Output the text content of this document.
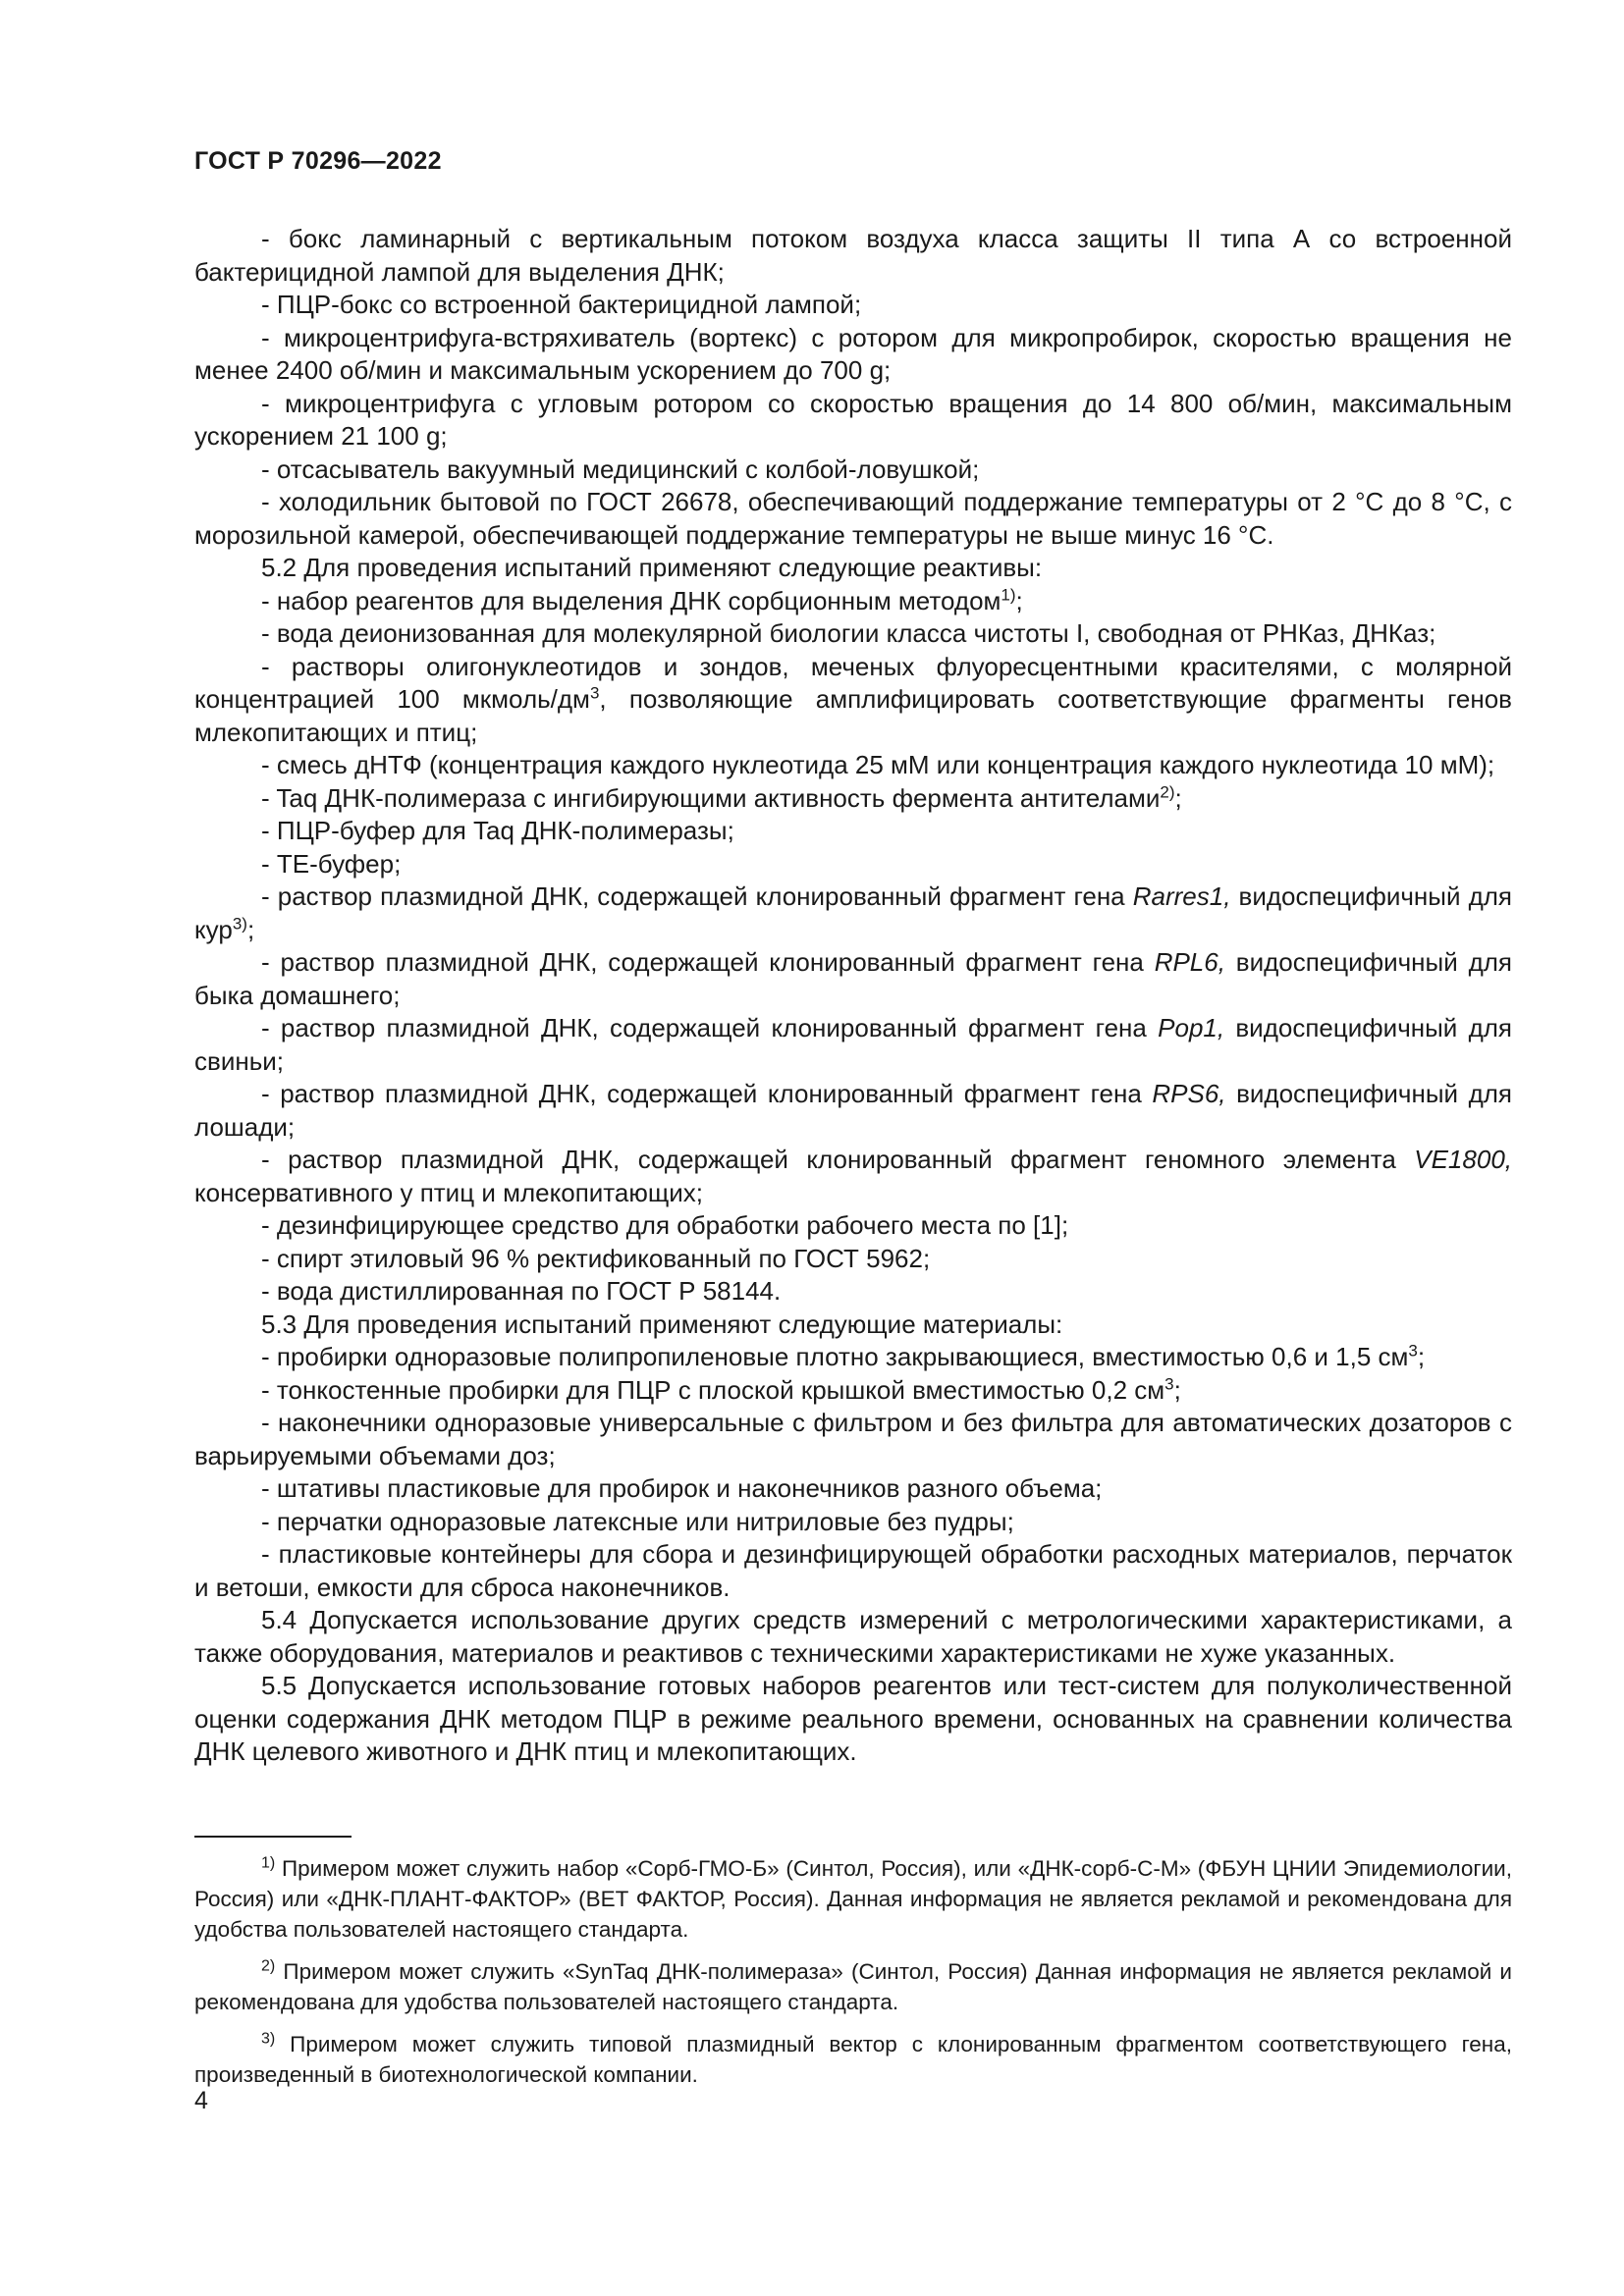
ГОСТ Р 70296—2022

- бокс ламинарный с вертикальным потоком воздуха класса защиты II типа А со встроенной бактерицидной лампой для выделения ДНК;

- ПЦР-бокс со встроенной бактерицидной лампой;

- микроцентрифуга-встряхиватель (вортекс) с ротором для микропробирок, скоростью вращения не менее 2400 об/мин и максимальным ускорением до 700 g;

- микроцентрифуга с угловым ротором со скоростью вращения до 14 800 об/мин, максимальным ускорением 21 100 g;

- отсасыватель вакуумный медицинский с колбой-ловушкой;

- холодильник бытовой по ГОСТ 26678, обеспечивающий поддержание температуры от 2 °С до 8 °С, с морозильной камерой, обеспечивающей поддержание температуры не выше минус 16 °С.

5.2 Для проведения испытаний применяют следующие реактивы:

- набор реагентов для выделения ДНК сорбционным методом$^{1)}$;

- вода деионизованная для молекулярной биологии класса чистоты I, свободная от РНКаз, ДНКаз;

- растворы олигонуклеотидов и зондов, меченых флуоресцентными красителями, с молярной концентрацией 100 мкмоль/$дм^3$, позволяющие амплифицировать соответствующие фрагменты генов млекопитающих и птиц;

- смесь дНТФ (концентрация каждого нуклеотида 25 мМ или концентрация каждого нуклеотида 10 мМ);

- Taq ДНК-полимераза с ингибирующими активность фермента антителами$^{2)}$;

- ПЦР-буфер для Taq ДНК-полимеразы;

- ТЕ-буфер;

- раствор плазмидной ДНК, содержащей клонированный фрагмент гена Rarres1, видоспецифичный для кур$^{3)}$;

- раствор плазмидной ДНК, содержащей клонированный фрагмент гена RPL6, видоспецифичный для быка домашнего;

- раствор плазмидной ДНК, содержащей клонированный фрагмент гена Pop1, видоспецифичный для свиньи;

- раствор плазмидной ДНК, содержащей клонированный фрагмент гена RPS6, видоспецифичный для лошади;

- раствор плазмидной ДНК, содержащей клонированный фрагмент геномного элемента VE1800, консервативного у птиц и млекопитающих;

- дезинфицирующее средство для обработки рабочего места по [1];

- спирт этиловый 96 % ректификованный по ГОСТ 5962;

- вода дистиллированная по ГОСТ Р 58144.

5.3 Для проведения испытаний применяют следующие материалы:

- пробирки одноразовые полипропиленовые плотно закрывающиеся, вместимостью 0,6 и 1,5 $см^3$;

- тонкостенные пробирки для ПЦР с плоской крышкой вместимостью 0,2 $см^3$;

- наконечники одноразовые универсальные с фильтром и без фильтра для автоматических дозаторов с варьируемыми объемами доз;

- штативы пластиковые для пробирок и наконечников разного объема;

- перчатки одноразовые латексные или нитриловые без пудры;

- пластиковые контейнеры для сбора и дезинфицирующей обработки расходных материалов, перчаток и ветоши, емкости для сброса наконечников.

5.4 Допускается использование других средств измерений с метрологическими характеристиками, а также оборудования, материалов и реактивов с техническими характеристиками не хуже указанных.

5.5 Допускается использование готовых наборов реагентов или тест-систем для полуколичественной оценки содержания ДНК методом ПЦР в режиме реального времени, основанных на сравнении количества ДНК целевого животного и ДНК птиц и млекопитающих.

$^{1)}$ Примером может служить набор «Сорб-ГМО-Б» (Синтол, Россия), или «ДНК-сорб-С-М» (ФБУН ЦНИИ Эпидемиологии, Россия) или «ДНК-ПЛАНТ-ФАКТОР» (ВЕТ ФАКТОР, Россия). Данная информация не является рекламой и рекомендована для удобства пользователей настоящего стандарта.

$^{2)}$ Примером может служить «SynTaq ДНК-полимераза» (Синтол, Россия) Данная информация не является рекламой и рекомендована для удобства пользователей настоящего стандарта.

$^{3)}$ Примером может служить типовой плазмидный вектор с клонированным фрагментом соответствующего гена, произведенный в биотехнологической компании.

4
